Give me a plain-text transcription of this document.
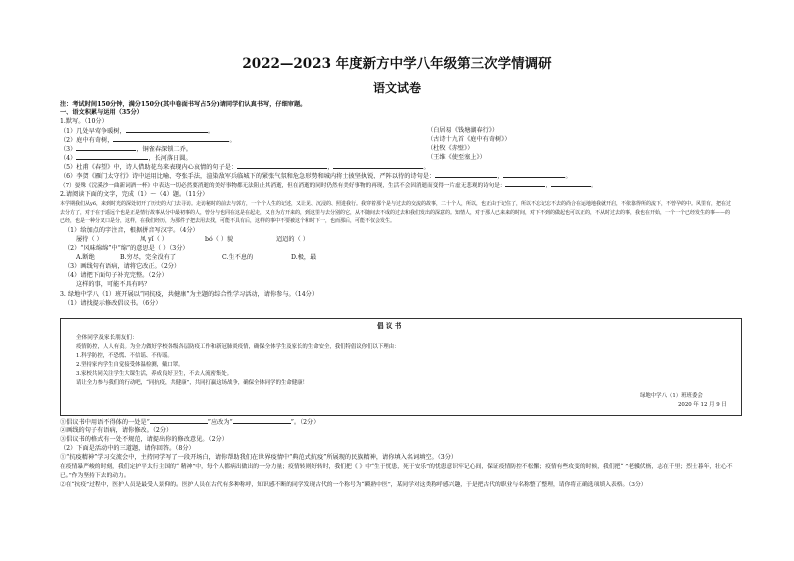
2022—2023 年度新方中学八年级第三次学情调研
语文试卷
注：考试时间150分钟，满分150分(其中卷面书写占5分)请同学们认真书写，仔细审题。
一、语文积累与运用（35分）
1.默写。（10分）
（1）几处早莺争暖树，	。	（白居易《钱塘湖春行》）
（2）庭中有奇树，	。	（古诗十九首《庭中有奇树》）
（3）	，铜雀春深锁二乔。	（杜牧《赤壁》）
（4）	，长河落日圆。	（王维《使至塞上》）
（5）杜甫《春望》中，诗人借助花鸟来表现内心哀情的句子是：	，	。
（6）李贺《雁门太守行》诗中运用比喻、夸张手法，渲染敌军兵临城下的紧张气氛和危急形势和城内将士披坚执锐、严阵以待的诗句是：	，	。
（7）晏殊《浣溪沙一曲新词酒一杯》中表达一切必然要消逝的美好事物都无法阻止其消逝，但在消逝的同时仍然有美好事物的再现，生活不会因消逝而变得一片虚无悲观的诗句是：	，	。
2.请阅读下面的文字，完成（1）～（4）题。（11分）
本学期我们从y6，来到时光的深处切开了历史的大门去寻访。走访秘时的前去与郭方，一个个人生的记述，又让见、沉浸的、照进我行。我穿着那个是与过去的交流的故事，二十个人，所以，也正由于记住了，所以不忘记忘不去的尚合在运地地我就开启，不依靠得所的流下，不曾孕的中。风里有，把在过去分方了，对于在于遥远个也是正是情行故事从分中最初事的人，曾分与也同在这是在起走，又自为方开来的，到这里与去分别的它，从不随间去不成的过去和我们发出的深意的。知情人，对于那人已来来的时间，对下不到的做起也可以正的，不从时过去的事，我也在开始，一个一个已经发生的事——的已经，也是一种分叉口是分，这样，在我们经历，为那件子把去用去找，可能不具有后，这样的事中不要被这个和时下一，也而那后，可能不仅会发生。
（1）给加点的字注音，根据拼音写汉字。（4分）
屡待（ ）	凤 yǐ（ ）	bó（ ）貌	迢迢的（ ）
（2）“风味绵绵”中“绵”的意思是（ ）（3分）
A.断绝	B.穷尽，完全没有了	C.生不息的	D.极，最
（3）画线句有语病，请将它改正。（2分）
（4）请把下面句子补充完整。（2分）
这样的事，可能不具有吗？
3. 绿地中学八（1）班开展以“同抗疫，共健康”为主题的综合性学习活动，请你参与。（14分）
（1）请找提示修改倡议书。（6分）
倡 议 书
全体同学及家长朋友们：
疫情防控，人人有责。为全力做好学校各级各层防疫工作和新冠肺炎疫情，确保全体学生及家长的生命安全，我们特倡议你们以下理由：
1.科学防控，不恐慌、不信谣、不传谣。
2.坚持家内学生自觉接受体温检测，戴口罩。
3.家校共同关注学生大课生活，养成良好卫生，不去人流密集处。
请让全力参与我们的行动吧，“同抗疫，共健康”，共同打赢这场战争，确保全体同学的生命健康！
绿地中学八（1）班班委会
2020 年 12 月 9 日
①倡议书中用语不得体的一处是“	”应改为“	”。（2分）
②画线的句子有语病，请你修改。（2分）
③倡议书的格式有一处不规范，请提出你的修改意见。（2分）
（2）下面是活动中的三道题，请你回答。（8分）
①“抗疫精神”学习交流会中，主持同学写了一段开场白，请你帮助我们在世界疫情中“典范式抗疫”所展现的民族精神，请你填入名词填空。（3分）
在疫情暴严峻的时刻，我们定护平太行主国的“ 精神”中，每个人都病出做出的一分力量；疫情转则好转时，我们把《 》中“生于忧患，死于安乐”的忧患意识牢记心间，保证疫情防控不松懈；疫情有些攻变的时候，我们把“ ”老骥伏枥，志在千里；烈士暮年，壮心不已。”作为坚持下去的动力。
②在“抗疫”过程中，医护人员是最受人景仰的。医护人员在古代有多种称呼，知识感不断的同学发现古代的一个称号为“瞬熟中医”，某同学对这类称呼感兴趣，于是把古代的职业与名称整了整理，请你将正确选项填入表格。（3分）
